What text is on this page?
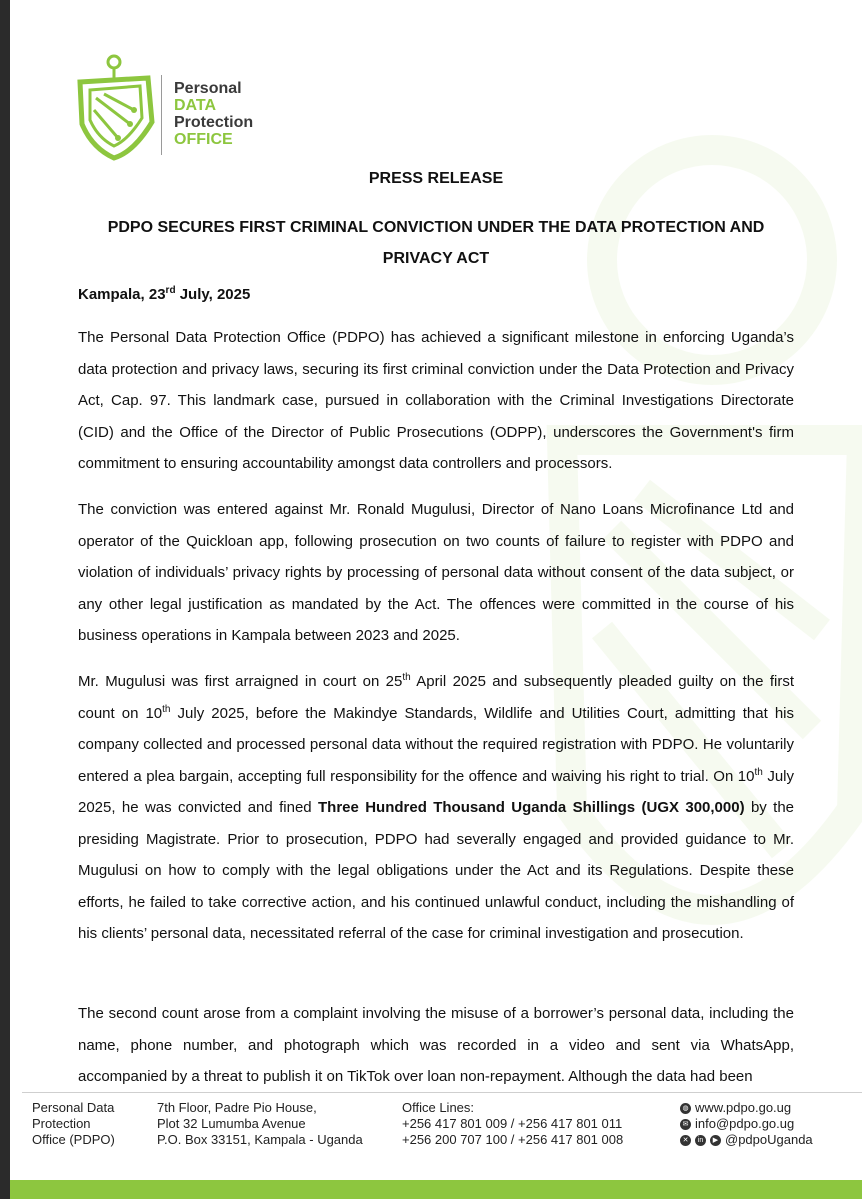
Personal
DATA
Protection
OFFICE
PRESS RELEASE
PDPO SECURES FIRST CRIMINAL CONVICTION UNDER THE DATA PROTECTION AND
PRIVACY ACT
Kampala, 23rd July, 2025
The Personal Data Protection Office (PDPO) has achieved a significant milestone in enforcing Uganda’s data protection and privacy laws, securing its first criminal conviction under the Data Protection and Privacy Act, Cap. 97. This landmark case, pursued in collaboration with the Criminal Investigations Directorate (CID) and the Office of the Director of Public Prosecutions (ODPP), underscores the Government's firm commitment to ensuring accountability amongst data controllers and processors.
The conviction was entered against Mr. Ronald Mugulusi, Director of Nano Loans Microfinance Ltd and operator of the Quickloan app, following prosecution on two counts of failure to register with PDPO and violation of individuals’ privacy rights by processing of personal data without consent of the data subject, or any other legal justification as mandated by the Act. The offences were committed in the course of his business operations in Kampala between 2023 and 2025.
Mr. Mugulusi was first arraigned in court on 25th April 2025 and subsequently pleaded guilty on the first count on 10th July 2025, before the Makindye Standards, Wildlife and Utilities Court, admitting that his company collected and processed personal data without the required registration with PDPO. He voluntarily entered a plea bargain, accepting full responsibility for the offence and waiving his right to trial. On 10th July 2025, he was convicted and fined Three Hundred Thousand Uganda Shillings (UGX 300,000) by the presiding Magistrate. Prior to prosecution, PDPO had severally engaged and provided guidance to Mr. Mugulusi on how to comply with the legal obligations under the Act and its Regulations. Despite these efforts, he failed to take corrective action, and his continued unlawful conduct, including the mishandling of his clients’ personal data, necessitated referral of the case for criminal investigation and prosecution.
The second count arose from a complaint involving the misuse of a borrower’s personal data, including the name, phone number, and photograph which was recorded in a video and sent via WhatsApp, accompanied by a threat to publish it on TikTok over loan non-repayment. Although the data had been
Personal Data
Protection
Office (PDPO)
7th Floor, Padre Pio House,
Plot 32 Lumumba Avenue
P.O. Box 33151, Kampala - Uganda
Office Lines:
+256 417 801 009 / +256 417 801 011
+256 200 707 100 / +256 417 801 008
◍ www.pdpo.go.ug
✉ info@pdpo.go.ug
✕	in	▶ @pdpoUganda
